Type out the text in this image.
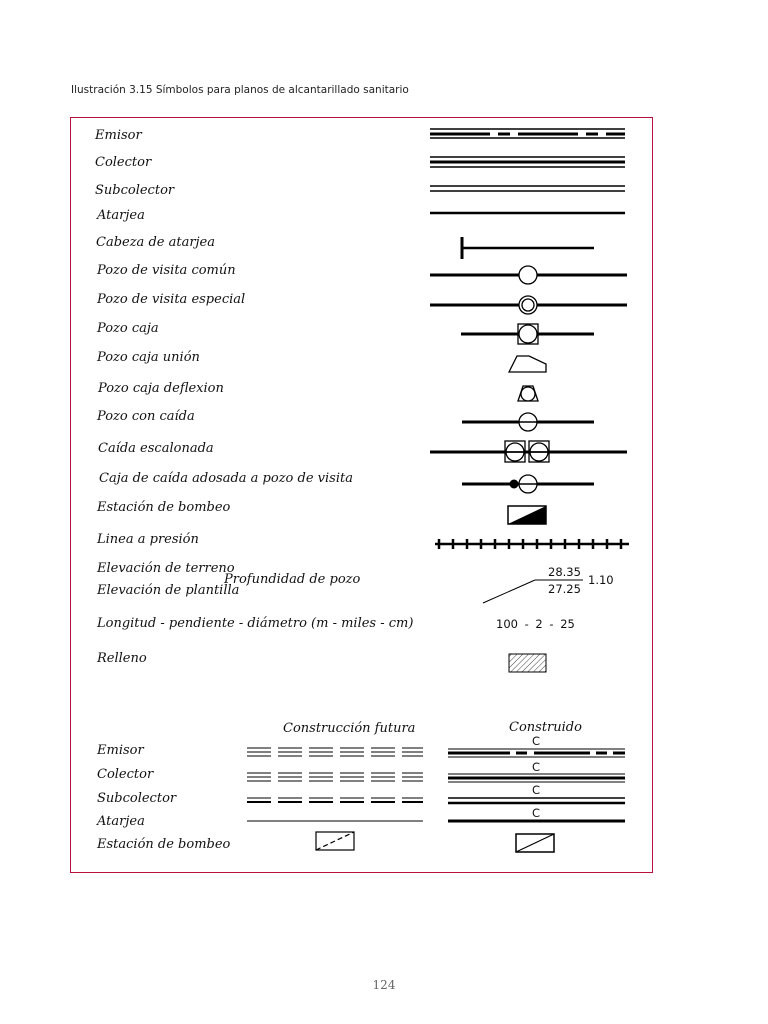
Ilustración 3.15 Símbolos para planos de alcantarillado sanitario
Emisor
Colector
Subcolector
Atarjea
Cabeza de atarjea
Pozo de visita común
Pozo de visita especial
Pozo caja
Pozo caja unión
Pozo caja deflexion
Pozo con caída
Caída escalonada
Caja de caída adosada a pozo de visita
Estación de bombeo
Linea a presión
Elevación de terreno
Elevación de plantilla
Profundidad de pozo
Longitud - pendiente - diámetro (m - miles - cm)
Relleno
28.35
27.25
1.10
100 - 2 - 25
Construcción futura	Construido
Emisor
Colector
Subcolector
Atarjea
Estación de bombeo
C
C
C
C
124
